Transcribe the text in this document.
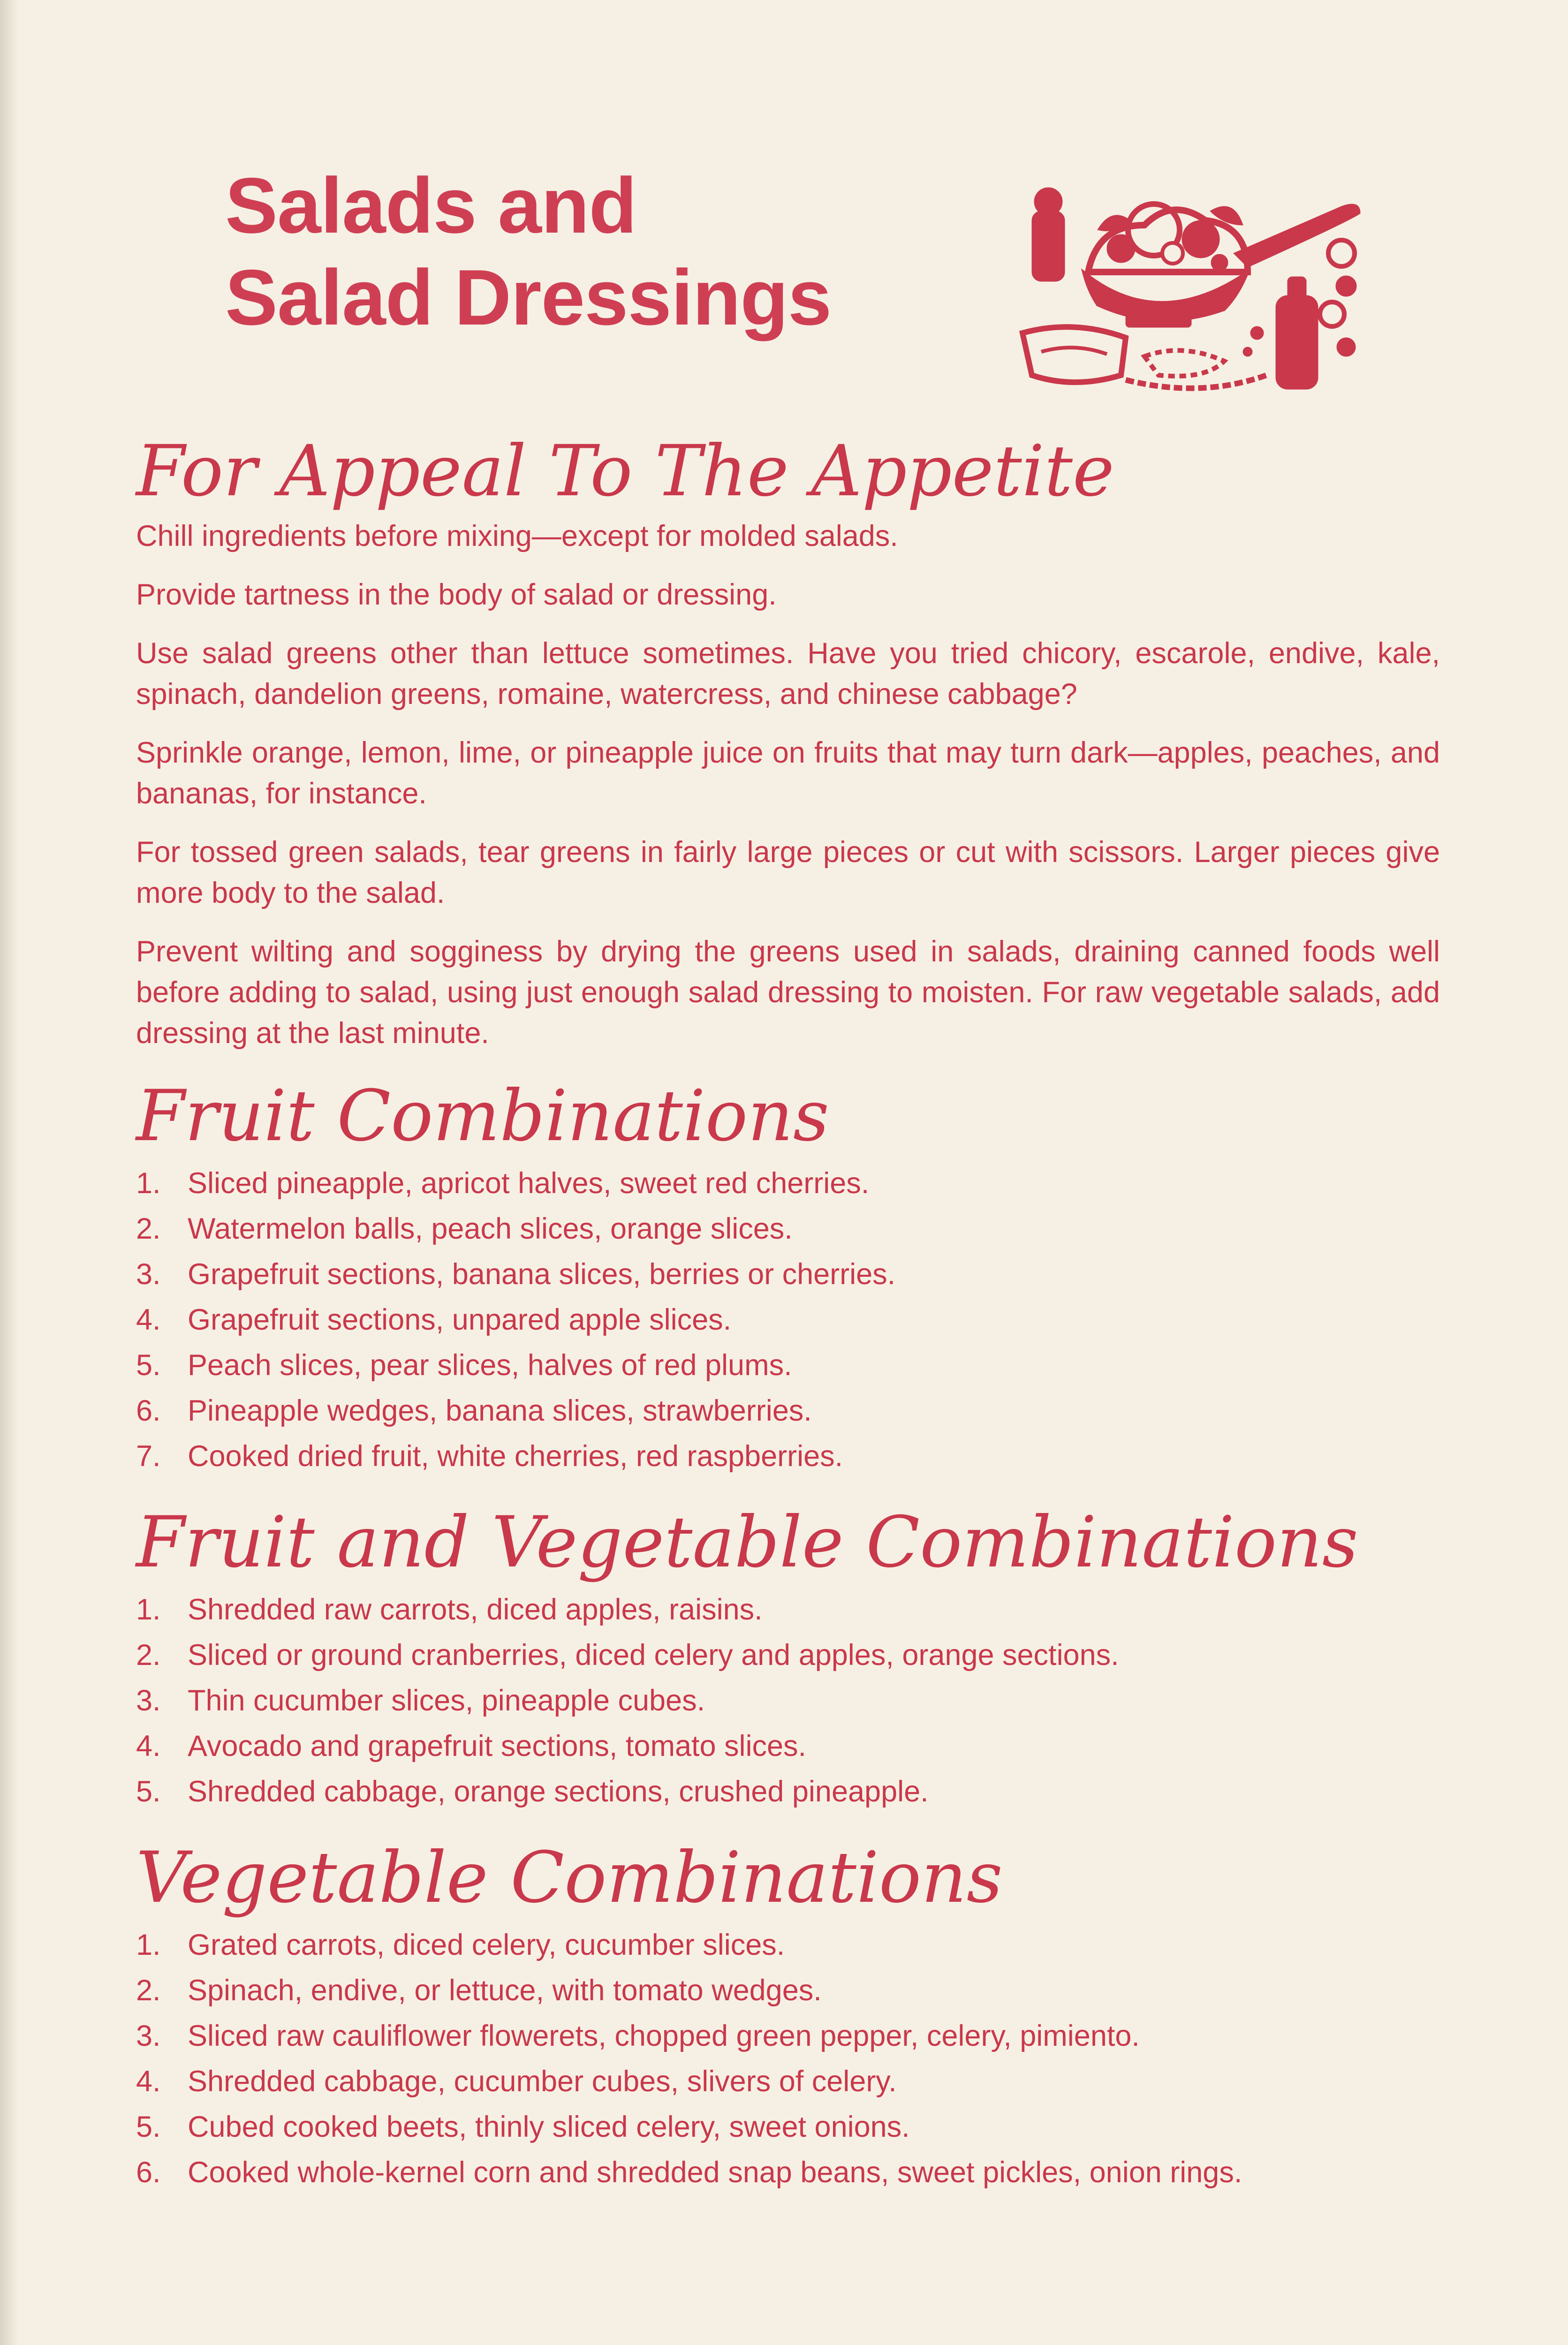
Salads and
Salad Dressings
For Appeal To The Appetite

Chill ingredients before mixing—except for molded salads.

Provide tartness in the body of salad or dressing.

Use salad greens other than lettuce sometimes. Have you tried chicory, escarole, endive, kale, spinach, dandelion greens, romaine, watercress, and chinese cabbage?

Sprinkle orange, lemon, lime, or pineapple juice on fruits that may turn dark—apples, peaches, and bananas, for instance.

For tossed green salads, tear greens in fairly large pieces or cut with scissors. Larger pieces give more body to the salad.

Prevent wilting and sogginess by drying the greens used in salads, draining canned foods well before adding to salad, using just enough salad dressing to moisten. For raw vegetable salads, add dressing at the last minute.

Fruit Combinations
1. Sliced pineapple, apricot halves, sweet red cherries.
2. Watermelon balls, peach slices, orange slices.
3. Grapefruit sections, banana slices, berries or cherries.
4. Grapefruit sections, unpared apple slices.
5. Peach slices, pear slices, halves of red plums.
6. Pineapple wedges, banana slices, strawberries.
7. Cooked dried fruit, white cherries, red raspberries.
Fruit and Vegetable Combinations
1. Shredded raw carrots, diced apples, raisins.
2. Sliced or ground cranberries, diced celery and apples, orange sections.
3. Thin cucumber slices, pineapple cubes.
4. Avocado and grapefruit sections, tomato slices.
5. Shredded cabbage, orange sections, crushed pineapple.
Vegetable Combinations
1. Grated carrots, diced celery, cucumber slices.
2. Spinach, endive, or lettuce, with tomato wedges.
3. Sliced raw cauliflower flowerets, chopped green pepper, celery, pimiento.
4. Shredded cabbage, cucumber cubes, slivers of celery.
5. Cubed cooked beets, thinly sliced celery, sweet onions.
6. Cooked whole-kernel corn and shredded snap beans, sweet pickles, onion rings.
